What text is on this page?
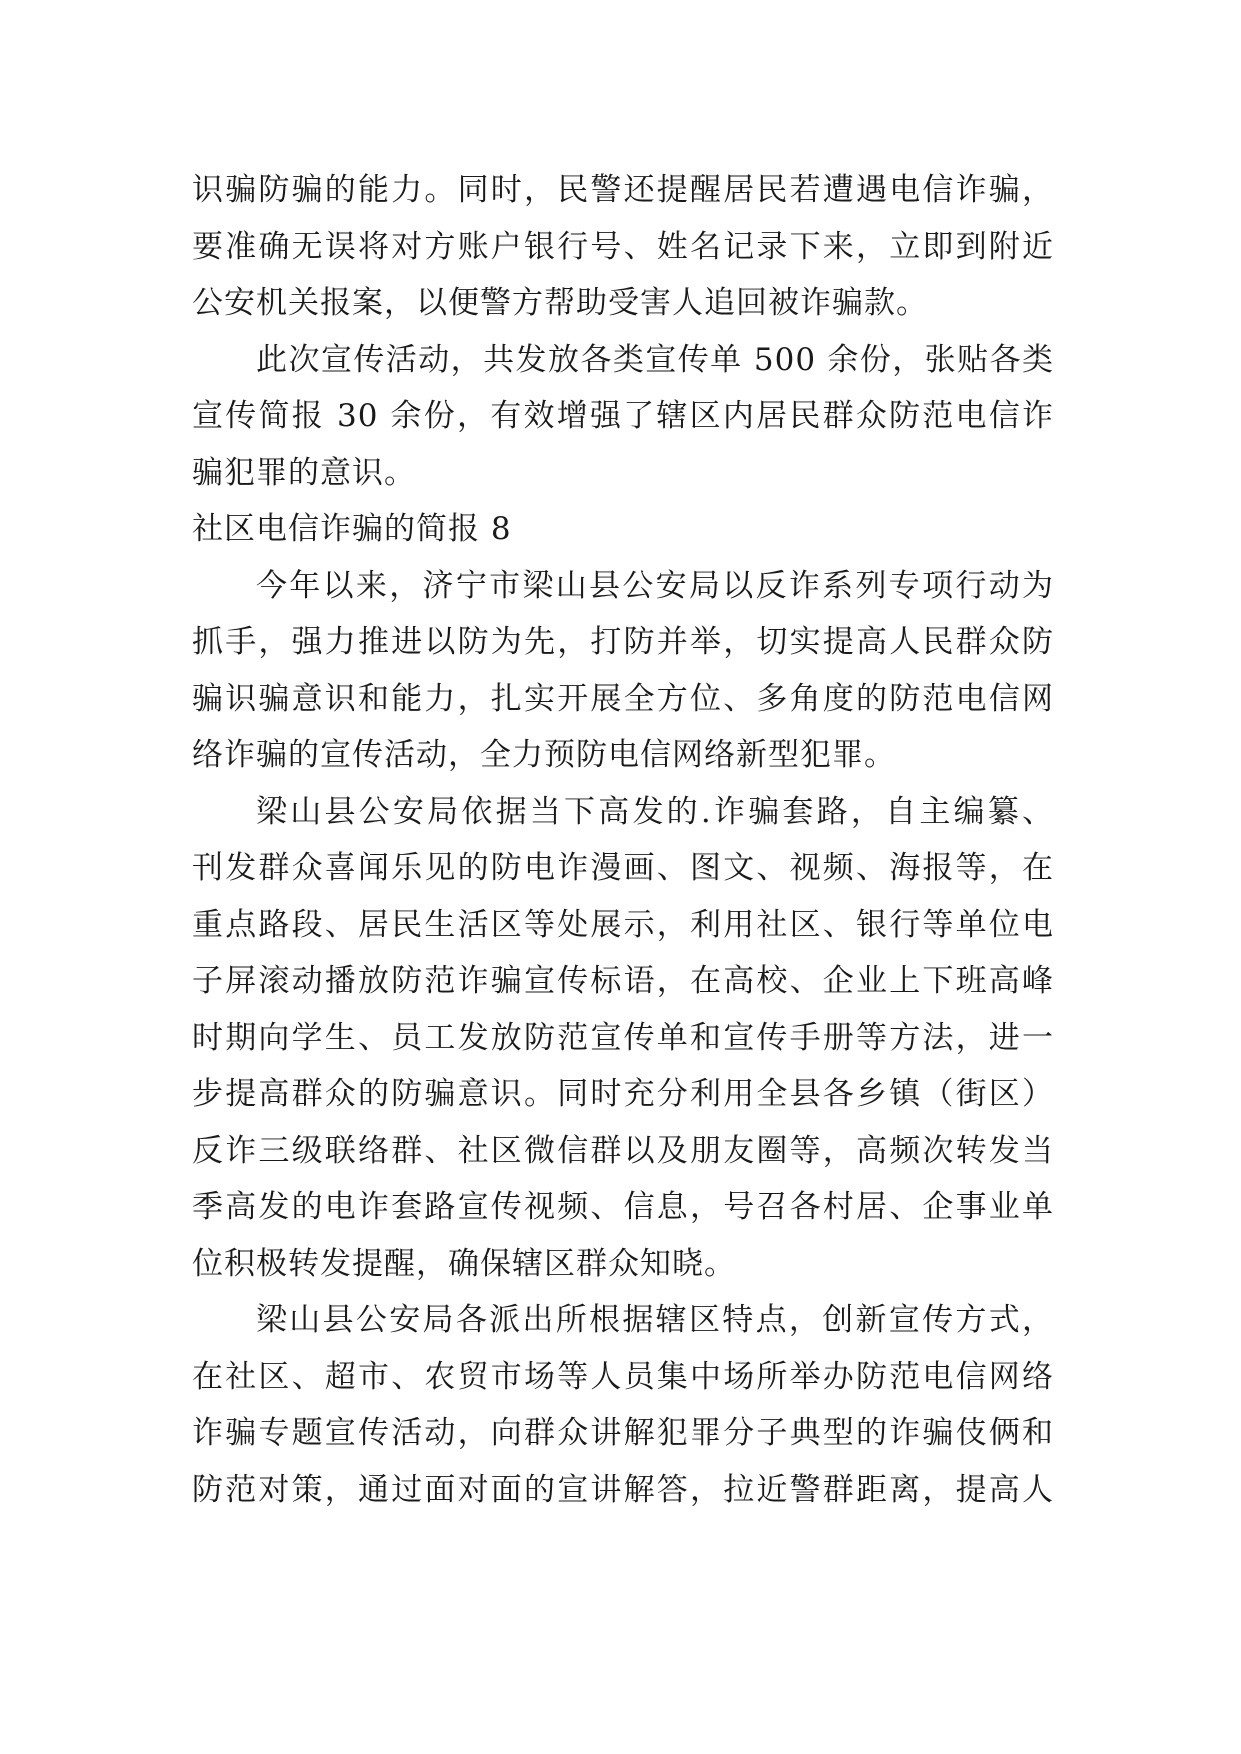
识骗防骗的能力。同时，民警还提醒居民若遭遇电信诈骗，
要准确无误将对方账户银行号、姓名记录下来，立即到附近
公安机关报案，以便警方帮助受害人追回被诈骗款。
此次宣传活动，共发放各类宣传单 500 余份，张贴各类
宣传简报 30 余份，有效增强了辖区内居民群众防范电信诈
骗犯罪的意识。
社区电信诈骗的简报 8
今年以来，济宁市梁山县公安局以反诈系列专项行动为
抓手，强力推进以防为先，打防并举，切实提高人民群众防
骗识骗意识和能力，扎实开展全方位、多角度的防范电信网
络诈骗的宣传活动，全力预防电信网络新型犯罪。
梁山县公安局依据当下高发的.诈骗套路，自主编纂、
刊发群众喜闻乐见的防电诈漫画、图文、视频、海报等，在
重点路段、居民生活区等处展示，利用社区、银行等单位电
子屏滚动播放防范诈骗宣传标语，在高校、企业上下班高峰
时期向学生、员工发放防范宣传单和宣传手册等方法，进一
步提高群众的防骗意识。同时充分利用全县各乡镇（街区）
反诈三级联络群、社区微信群以及朋友圈等，高频次转发当
季高发的电诈套路宣传视频、信息，号召各村居、企事业单
位积极转发提醒，确保辖区群众知晓。
梁山县公安局各派出所根据辖区特点，创新宣传方式，
在社区、超市、农贸市场等人员集中场所举办防范电信网络
诈骗专题宣传活动，向群众讲解犯罪分子典型的诈骗伎俩和
防范对策，通过面对面的宣讲解答，拉近警群距离，提高人
